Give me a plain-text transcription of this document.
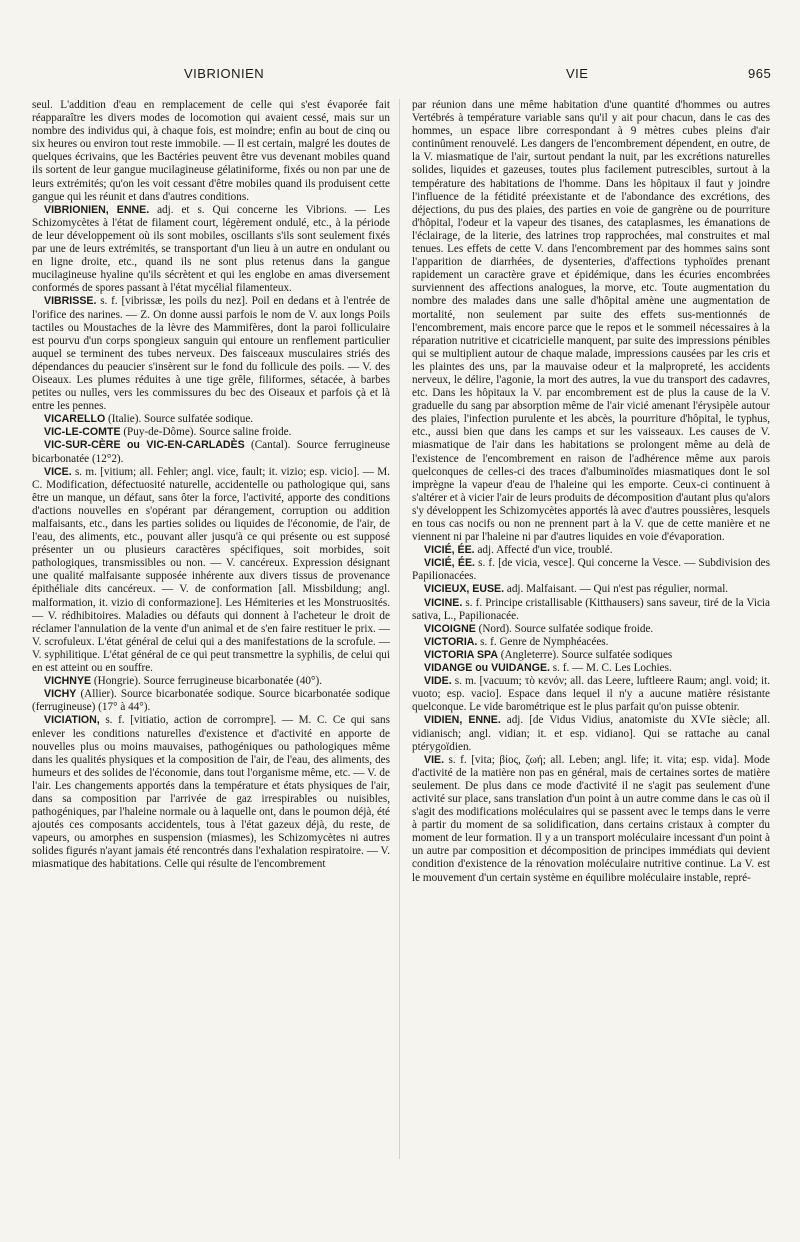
VIBRIONIEN	VIE	965

seul. L'addition d'eau en remplacement de celle qui s'est évaporée fait réapparaître les divers modes de locomotion qui avaient cessé, mais sur un nombre des individus qui, à chaque fois, est moindre; enfin au bout de cinq ou six heures ou environ tout reste immobile. — Il est certain, malgré les doutes de quelques écrivains, que les Bactéries peuvent être vus devenant mobiles quand ils sortent de leur gangue mucilagineuse gélatiniforme, fixés ou non par une de leurs extrémités; qu'on les voit cessant d'être mobiles quand ils produisent cette gangue qui les réunit et dans d'autres conditions.

VIBRIONIEN, ENNE. adj. et s. Qui concerne les Vibrions. — Les Schizomycètes à l'état de filament court, légèrement ondulé, etc., à la période de leur développement où ils sont mobiles, oscillants s'ils sont seulement fixés par une de leurs extrémités, se transportant d'un lieu à un autre en ondulant ou en ligne droite, etc., quand ils ne sont plus retenus dans la gangue mucilagineuse hyaline qu'ils sécrètent et qui les englobe en amas diversement conformés de spores passant à l'état mycélial filamenteux.

VIBRISSE. s. f. [vibrissæ, les poils du nez]. Poil en dedans et à l'entrée de l'orifice des narines. — Z. On donne aussi parfois le nom de V. aux longs Poils tactiles ou Moustaches de la lèvre des Mammifères, dont la paroi folliculaire est pourvu d'un corps spongieux sanguin qui entoure un renflement particulier auquel se terminent des tubes nerveux. Des faisceaux musculaires striés des dépendances du peaucier s'insèrent sur le fond du follicule des poils. — V. des Oiseaux. Les plumes réduites à une tige grêle, filiformes, sétacée, à barbes petites ou nulles, vers les commissures du bec des Oiseaux et parfois çà et là entre les pennes.

VICARELLO (Italie). Source sulfatée sodique.

VIC-LE-COMTE (Puy-de-Dôme). Source saline froide.

VIC-SUR-CÈRE ou VIC-EN-CARLADÈS (Cantal). Source ferrugineuse bicarbonatée (12°2).

VICE. s. m. [vitium; all. Fehler; angl. vice, fault; it. vizio; esp. vicio]. — M. C. Modification, défectuosité naturelle, accidentelle ou pathologique qui, sans être un manque, un défaut, sans ôter la force, l'activité, apporte des conditions d'actions nouvelles en s'opérant par dérangement, corruption ou addition malfaisants, etc., dans les parties solides ou liquides de l'économie, de l'air, de l'eau, des aliments, etc., pouvant aller jusqu'à ce qui présente ou est supposé présenter un ou plusieurs caractères spécifiques, soit morbides, soit pathologiques, transmissibles ou non. — V. cancéreux. Expression désignant une qualité malfaisante supposée inhérente aux divers tissus de provenance épithéliale dits cancéreux. — V. de conformation [all. Missbildung; angl. malformation, it. vizio di conformazione]. Les Hémiteries et les Monstruosités. — V. rédhibitoires. Maladies ou défauts qui donnent à l'acheteur le droit de réclamer l'annulation de la vente d'un animal et de s'en faire restituer le prix. — V. scrofuleux. L'état général de celui qui a des manifestations de la scrofule. — V. syphilitique. L'état général de ce qui peut transmettre la syphilis, de celui qui en est atteint ou en souffre.

VICHNYE (Hongrie). Source ferrugineuse bicarbonatée (40°).

VICHY (Allier). Source bicarbonatée sodique. Source bicarbonatée sodique (ferrugineuse) (17° à 44°).

VICIATION, s. f. [vitiatio, action de corrompre]. — M. C. Ce qui sans enlever les conditions naturelles d'existence et d'activité en apporte de nouvelles plus ou moins mauvaises, pathogéniques ou pathologiques même dans les qualités physiques et la composition de l'air, de l'eau, des aliments, des humeurs et des solides de l'économie, dans tout l'organisme même, etc. — V. de l'air. Les changements apportés dans la température et états physiques de l'air, dans sa composition par l'arrivée de gaz irrespirables ou nuisibles, pathogéniques, par l'haleine normale ou à laquelle ont, dans le poumon déjà, été ajoutés ces composants accidentels, tous à l'état gazeux déjà, du reste, de vapeurs, ou amorphes en suspension (miasmes), les Schizomycètes ni autres solides figurés n'ayant jamais été rencontrés dans l'exhalation respiratoire. — V. miasmatique des habitations. Celle qui résulte de l'encombrement

par réunion dans une même habitation d'une quantité d'hommes ou autres Vertébrés à température variable sans qu'il y ait pour chacun, dans le cas des hommes, un espace libre correspondant à 9 mètres cubes pleins d'air continûment renouvelé. Les dangers de l'encombrement dépendent, en outre, de la V. miasmatique de l'air, surtout pendant la nuit, par les excrétions naturelles solides, liquides et gazeuses, toutes plus facilement putrescibles, surtout à la température des habitations de l'homme. Dans les hôpitaux il faut y joindre l'influence de la fétidité préexistante et de l'abondance des excrétions, des déjections, du pus des plaies, des parties en voie de gangrène ou de pourriture d'hôpital, l'odeur et la vapeur des tisanes, des cataplasmes, les émanations de l'éclairage, de la literie, des latrines trop rapprochées, mal construites et mal tenues. Les effets de cette V. dans l'encombrement par des hommes sains sont l'apparition de diarrhées, de dysenteries, d'affections typhoïdes prenant rapidement un caractère grave et épidémique, dans les écuries encombrées surviennent des affections analogues, la morve, etc. Toute augmentation du nombre des malades dans une salle d'hôpital amène une augmentation de mortalité, non seulement par suite des effets sus-mentionnés de l'encombrement, mais encore parce que le repos et le sommeil nécessaires à la réparation nutritive et cicatricielle manquent, par suite des impressions pénibles qui se multiplient autour de chaque malade, impressions causées par les cris et les plaintes des uns, par la mauvaise odeur et la malpropreté, les accidents nerveux, le délire, l'agonie, la mort des autres, la vue du transport des cadavres, etc. Dans les hôpitaux la V. par encombrement est de plus la cause de la V. graduelle du sang par absorption même de l'air vicié amenant l'érysipèle autour des plaies, l'infection purulente et les abcès, la pourriture d'hôpital, le typhus, etc., aussi bien que dans les camps et sur les vaisseaux. Les causes de V. miasmatique de l'air dans les habitations se prolongent même au delà de l'existence de l'encombrement en raison de l'adhérence même aux parois quelconques de celles-ci des traces d'albuminoïdes miasmatiques dont le sol imprègne la vapeur d'eau de l'haleine qui les emporte. Ceux-ci continuent à s'altérer et à vicier l'air de leurs produits de décomposition d'autant plus qu'alors s'y développent les Schizomycètes apportés là avec d'autres poussières, lesquels en tous cas nocifs ou non ne prennent part à la V. que de cette manière et ne viennent ni par l'haleine ni par d'autres liquides en voie d'évaporation.

VICIÉ, ÉE. adj. Affecté d'un vice, troublé.

VICIÉ, ÉE. s. f. [de vicia, vesce]. Qui concerne la Vesce. — Subdivision des Papilionacées.

VICIEUX, EUSE. adj. Malfaisant. — Qui n'est pas régulier, normal.

VICINE. s. f. Principe cristallisable (Kitthausers) sans saveur, tiré de la Vicia sativa, L., Papilionacée.

VICOIGNE (Nord). Source sulfatée sodique froide.

VICTORIA. s. f. Genre de Nymphéacées.

VICTORIA SPA (Angleterre). Source sulfatée sodiques

VIDANGE ou VUIDANGE. s. f. — M. C. Les Lochies.

VIDE. s. m. [vacuum; τὸ κενόν; all. das Leere, luftleere Raum; angl. void; it. vuoto; esp. vacio]. Espace dans lequel il n'y a aucune matière résistante quelconque. Le vide barométrique est le plus parfait qu'on puisse obtenir.

VIDIEN, ENNE. adj. [de Vidus Vidius, anatomiste du XVIe siècle; all. vidianisch; angl. vidian; it. et esp. vidiano]. Qui se rattache au canal ptérygoïdien.

VIE. s. f. [vita; βίος, ζωή; all. Leben; angl. life; it. vita; esp. vida]. Mode d'activité de la matière non pas en général, mais de certaines sortes de matière seulement. De plus dans ce mode d'activité il ne s'agit pas seulement d'une activité sur place, sans translation d'un point à un autre comme dans le cas où il s'agit des modifications moléculaires qui se passent avec le temps dans le verre à partir du moment de sa solidification, dans certains cristaux à compter du moment de leur formation. Il y a un transport moléculaire incessant d'un point à un autre par composition et décomposition de principes immédiats qui devient condition d'existence de la rénovation moléculaire nutritive continue. La V. est le mouvement d'un certain système en équilibre moléculaire instable, repré-
